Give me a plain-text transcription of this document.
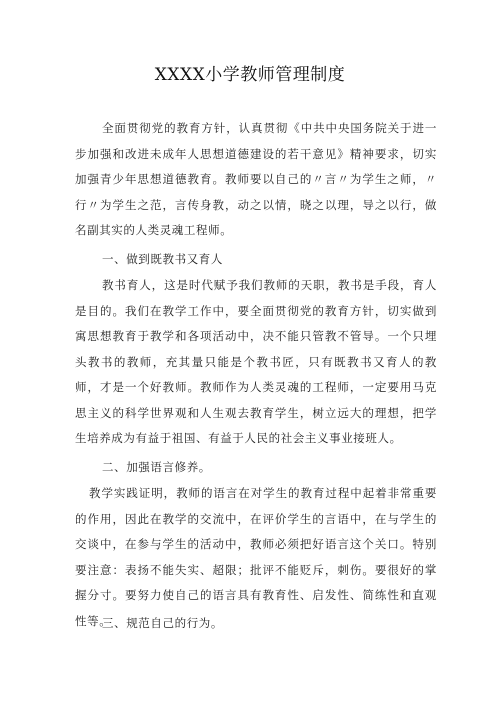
XXXX小学教师管理制度
全面贯彻党的教育方针，认真贯彻《中共中央国务院关于进一步加强和改进未成年人思想道德建设的若干意见》精神要求，切实加强青少年思想道德教育。教师要以自己的〃言〃为学生之师，〃行〃为学生之范，言传身教，动之以情，晓之以理，导之以行，做名副其实的人类灵魂工程师。
一、做到既教书又育人
教书育人，这是时代赋予我们教师的天职，教书是手段，育人是目的。我们在教学工作中，要全面贯彻党的教育方针，切实做到寓思想教育于教学和各项活动中，决不能只管教不管导。一个只埋头教书的教师，充其量只能是个教书匠，只有既教书又育人的教师，才是一个好教师。教师作为人类灵魂的工程师，一定要用马克思主义的科学世界观和人生观去教育学生，树立远大的理想，把学生培养成为有益于祖国、有益于人民的社会主义事业接班人。
二、加强语言修养。
教学实践证明，教师的语言在对学生的教育过程中起着非常重要的作用，因此在教学的交流中，在评价学生的言语中，在与学生的交谈中，在参与学生的活动中，教师必须把好语言这个关口。特别要注意：表扬不能失实、超限；批评不能贬斥，刺伤。要很好的掌握分寸。要努力使自己的语言具有教育性、启发性、简练性和直观性等。
三、规范自己的行为。
